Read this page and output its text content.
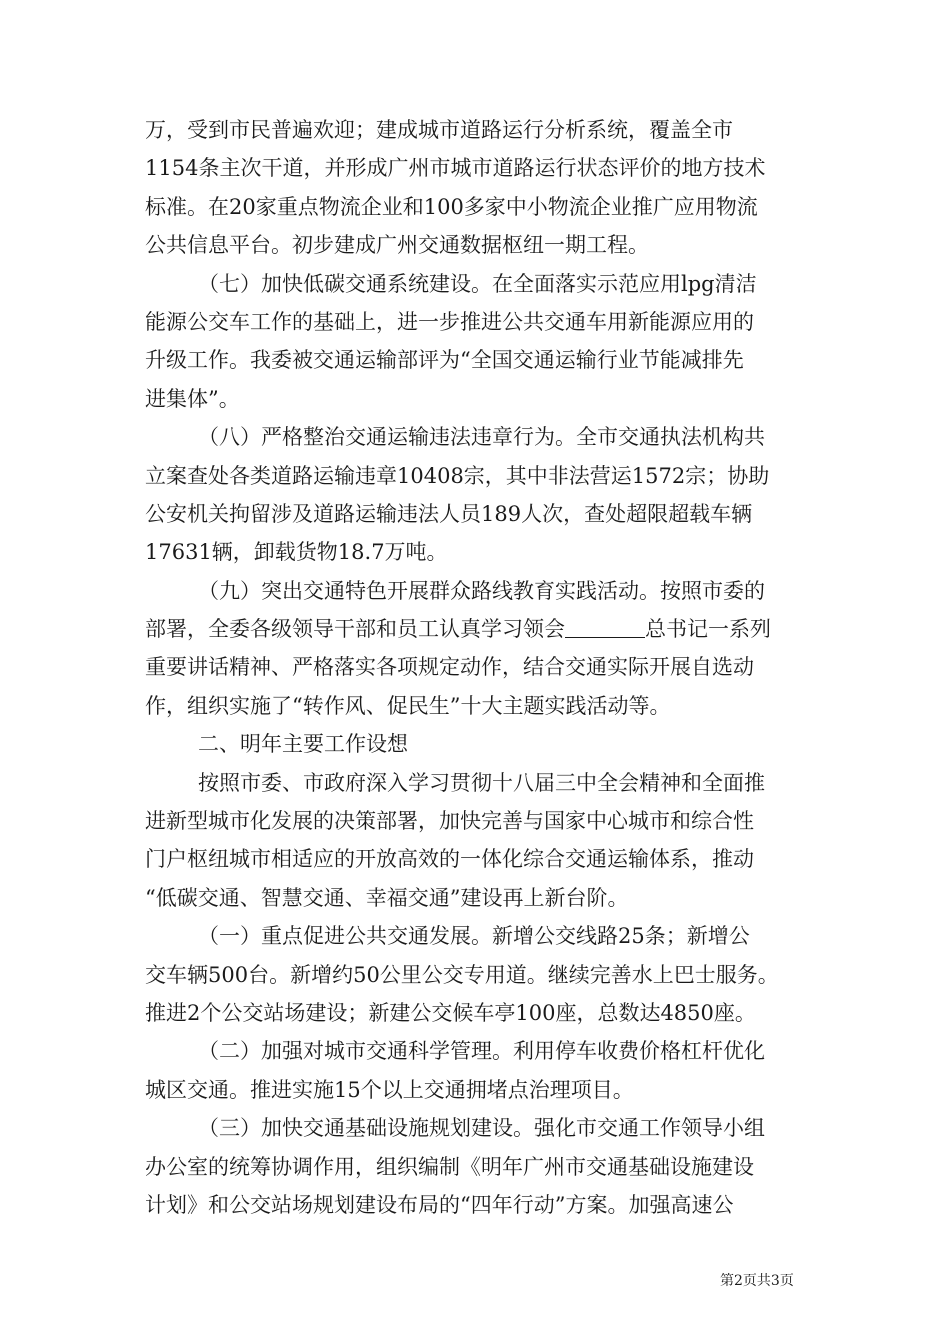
万，受到市民普遍欢迎；建成城市道路运行分析系统，覆盖全市
1154条主次干道，并形成广州市城市道路运行状态评价的地方技术
标准。在20家重点物流企业和100多家中小物流企业推广应用物流
公共信息平台。初步建成广州交通数据枢纽一期工程。
（七）加快低碳交通系统建设。在全面落实示范应用lpg清洁
能源公交车工作的基础上，进一步推进公共交通车用新能源应用的
升级工作。我委被交通运输部评为“全国交通运输行业节能减排先
进集体”。
（八）严格整治交通运输违法违章行为。全市交通执法机构共
立案查处各类道路运输违章10408宗，其中非法营运1572宗；协助
公安机关拘留涉及道路运输违法人员189人次，查处超限超载车辆
17631辆，卸载货物18.7万吨。
（九）突出交通特色开展群众路线教育实践活动。按照市委的
部署，全委各级领导干部和员工认真学习领会	总书记一系列
重要讲话精神、严格落实各项规定动作，结合交通实际开展自选动
作，组织实施了“转作风、促民生”十大主题实践活动等。
二、明年主要工作设想
按照市委、市政府深入学习贯彻十八届三中全会精神和全面推
进新型城市化发展的决策部署，加快完善与国家中心城市和综合性
门户枢纽城市相适应的开放高效的一体化综合交通运输体系，推动
“低碳交通、智慧交通、幸福交通”建设再上新台阶。
（一）重点促进公共交通发展。新增公交线路25条；新增公
交车辆500台。新增约50公里公交专用道。继续完善水上巴士服务。
推进2个公交站场建设；新建公交候车亭100座，总数达4850座。
（二）加强对城市交通科学管理。利用停车收费价格杠杆优化
城区交通。推进实施15个以上交通拥堵点治理项目。
（三）加快交通基础设施规划建设。强化市交通工作领导小组
办公室的统筹协调作用，组织编制《明年广州市交通基础设施建设
计划》和公交站场规划建设布局的“四年行动”方案。加强高速公
第2页共3页
